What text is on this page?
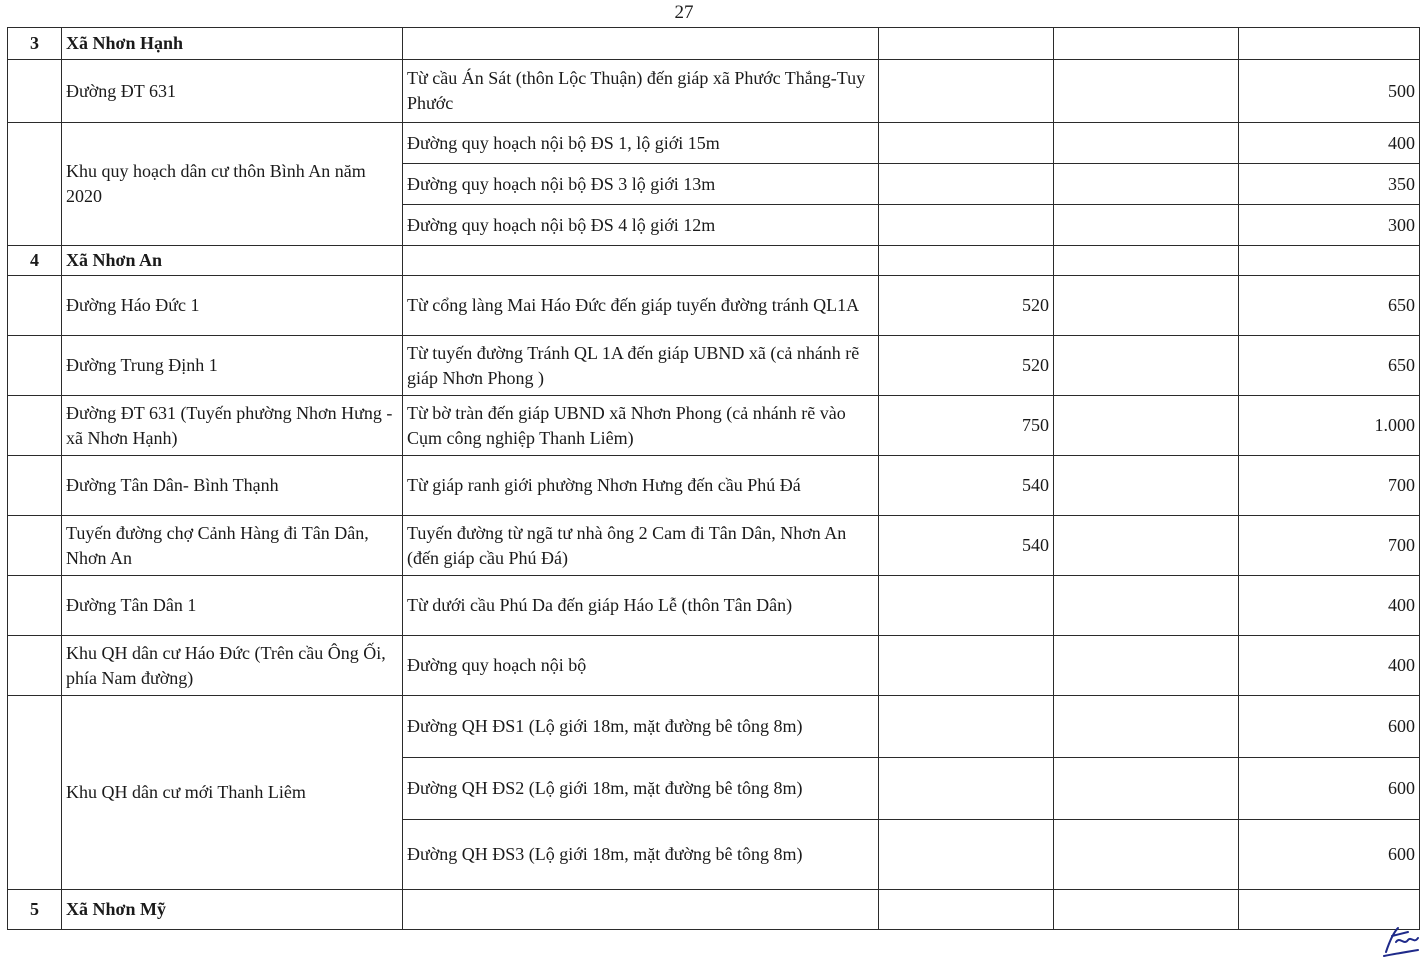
27
3	Xã Nhơn Hạnh				
	Đường ĐT 631	Từ cầu Án Sát (thôn Lộc Thuận) đến giáp xã Phước Thắng-Tuy Phước			500
	Khu quy hoạch dân cư thôn Bình An năm 2020	Đường quy hoạch nội bộ ĐS 1, lộ giới 15m			400
		Đường quy hoạch nội bộ ĐS 3 lộ giới 13m			350
		Đường quy hoạch nội bộ ĐS 4 lộ giới 12m			300
4	Xã Nhơn An				
	Đường Háo Đức 1	Từ cổng làng Mai Háo Đức đến giáp tuyến đường tránh QL1A	520		650
	Đường Trung Định 1	Từ tuyến đường Tránh QL 1A đến giáp UBND xã (cả nhánh rẽ giáp Nhơn Phong )	520		650
	Đường ĐT 631 (Tuyến phường Nhơn Hưng - xã Nhơn Hạnh)	Từ bờ tràn đến giáp UBND xã Nhơn Phong (cả nhánh rẽ vào Cụm công nghiệp Thanh Liêm)	750		1.000
	Đường Tân Dân- Bình Thạnh	Từ giáp ranh giới phường Nhơn Hưng đến cầu Phú Đá	540		700
	Tuyến đường chợ Cảnh Hàng đi Tân Dân, Nhơn An	Tuyến đường từ ngã tư nhà ông 2 Cam đi Tân Dân, Nhơn An (đến giáp cầu Phú Đá)	540		700
	Đường Tân Dân 1	Từ dưới cầu Phú Da đến giáp Háo Lễ (thôn Tân Dân)			400
	Khu QH dân cư Háo Đức (Trên cầu Ông Ối, phía Nam đường)	Đường quy hoạch nội bộ			400
	Khu QH dân cư mới Thanh Liêm	Đường QH ĐS1 (Lộ giới 18m, mặt đường bê tông 8m)			600
		Đường QH ĐS2 (Lộ giới 18m, mặt đường bê tông 8m)			600
		Đường QH ĐS3 (Lộ giới 18m, mặt đường bê tông 8m)			600
5	Xã Nhơn Mỹ				
